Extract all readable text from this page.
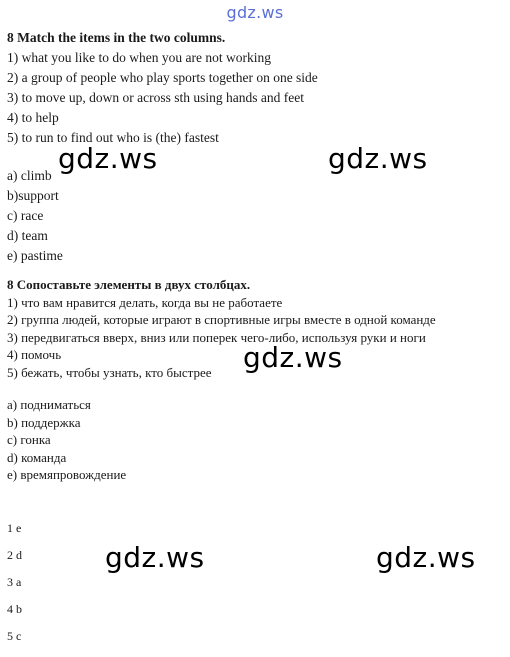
gdz.ws
8 Match the items in the two columns.
1) what you like to do when you are not working
2) a group of people who play sports together on one side
3) to move up, down or across sth using hands and feet
4) to help
5) to run to find out who is (the) fastest
a) climb
b)support
c) race
d) team
e) pastime
8 Сопоставьте элементы в двух столбцах.
1) что вам нравится делать, когда вы не работаете
2) группа людей, которые играют в спортивные игры вместе в одной команде
3) передвигаться вверх, вниз или поперек чего-либо, используя руки и ноги
4) помочь
5) бежать, чтобы узнать, кто быстрее
а) подниматься
b) поддержка
с) гонка
d) команда
е) времяпровождение
1 e
2 d
3 a
4 b
5 c
gdz.ws	gdz.ws
gdz.ws
gdz.ws	gdz.ws
